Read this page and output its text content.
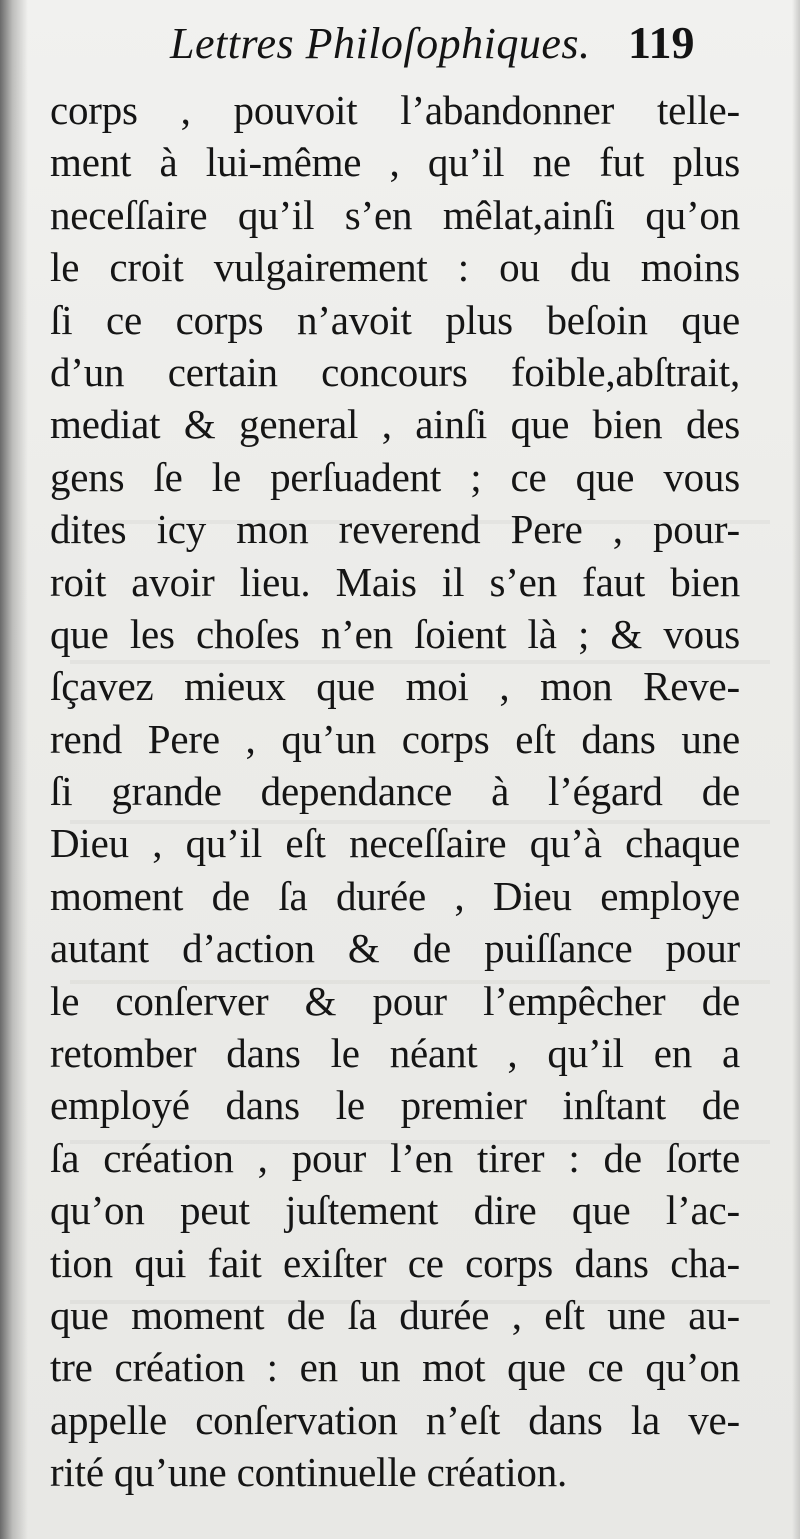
Lettres Philoſophiques. 119
corps , pouvoit l’abandonner telle-
ment à lui-même , qu’il ne fut plus
neceſſaire qu’il s’en mêlat,ainſi qu’on
le croit vulgairement : ou du moins
ſi ce corps n’avoit plus beſoin que
d’un certain concours foible,abſtrait,
mediat & general , ainſi que bien des
gens ſe le perſuadent ; ce que vous
dites icy mon reverend Pere , pour-
roit avoir lieu. Mais il s’en faut bien
que les choſes n’en ſoient là ; & vous
ſçavez mieux que moi , mon Reve-
rend Pere , qu’un corps eſt dans une
ſi grande dependance à l’égard de
Dieu , qu’il eſt neceſſaire qu’à chaque
moment de ſa durée , Dieu employe
autant d’action & de puiſſance pour
le conſerver & pour l’empêcher de
retomber dans le néant , qu’il en a
employé dans le premier inſtant de
ſa création , pour l’en tirer : de ſorte
qu’on peut juſtement dire que l’ac-
tion qui fait exiſter ce corps dans cha-
que moment de ſa durée , eſt une au-
tre création : en un mot que ce qu’on
appelle conſervation n’eſt dans la ve-
rité qu’une continuelle création.
